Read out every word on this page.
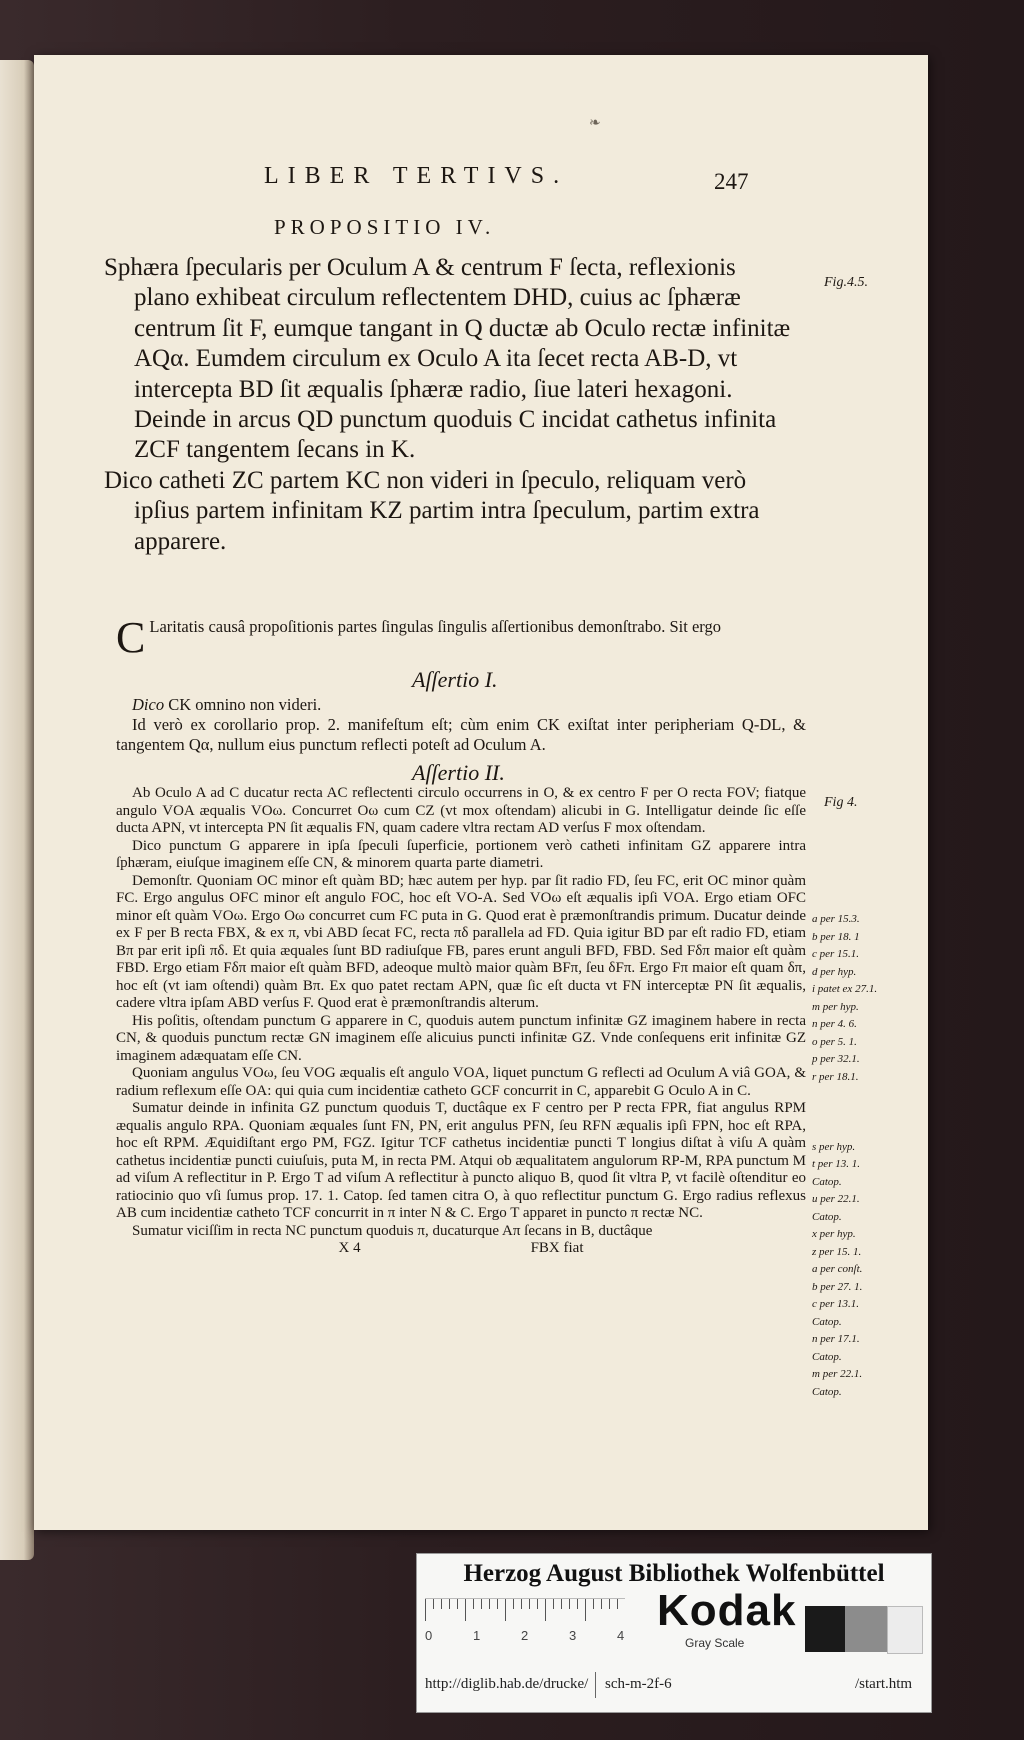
❧
LIBER TERTIVS.	247
PROPOSITIO IV.
Fig.4.5.

Sphæra ſpecularis per Oculum A & centrum F ſecta, reflexionis plano exhibeat circulum reflectentem DHD, cuius ac ſphæræ centrum ſit F, eumque tangant in Q ductæ ab Oculo rectæ infinitæ AQα. Eumdem circulum ex Oculo A ita ſecet recta AB-D, vt intercepta BD ſit æqualis ſphæræ radio, ſiue lateri hexagoni. Deinde in arcus QD punctum quoduis C incidat cathetus infinita ZCF tangentem ſecans in K.

Dico catheti ZC partem KC non videri in ſpeculo, reliquam verò ipſius partem infinitam KZ partim intra ſpeculum, partim extra apparere.

C Laritatis causâ propoſitionis partes ſingulas ſingulis aſſertionibus demonſtrabo. Sit ergo
Aſſertio I.

Dico CK omnino non videri.

Id verò ex corollario prop. 2. manifeſtum eſt; cùm enim CK exiſtat inter peripheriam Q-DL, & tangentem Qα, nullum eius punctum reflecti poteſt ad Oculum A.

Aſſertio II.
Fig 4.

Ab Oculo A ad C ducatur recta AC reflectenti circulo occurrens in O, & ex centro F per O recta FOV; fiatque angulo VOA æqualis VOω. Concurret Oω cum CZ (vt mox oſtendam) alicubi in G. Intelligatur deinde ſic eſſe ducta APN, vt intercepta PN ſit æqualis FN, quam cadere vltra rectam AD verſus F mox oſtendam.

Dico punctum G apparere in ipſa ſpeculi ſuperficie, portionem verò catheti infinitam GZ apparere intra ſphæram, eiuſque imaginem eſſe CN, & minorem quarta parte diametri.

Demonſtr. Quoniam OC minor eſt quàm BD; hæc autem per hyp. par ſit radio FD, ſeu FC, erit OC minor quàm FC. Ergo angulus OFC minor eſt angulo FOC, hoc eſt VO-A. Sed VOω eſt æqualis ipſi VOA. Ergo etiam OFC minor eſt quàm VOω. Ergo Oω concurret cum FC puta in G. Quod erat è præmonſtrandis primum. Ducatur deinde ex F per B recta FBX, & ex π, vbi ABD ſecat FC, recta πδ parallela ad FD. Quia igitur BD par eſt radio FD, etiam Bπ par erit ipſi πδ. Et quia æquales ſunt BD radiuſque FB, pares erunt anguli BFD, FBD. Sed Fδπ maior eſt quàm FBD. Ergo etiam Fδπ maior eſt quàm BFD, adeoque multò maior quàm BFπ, ſeu δFπ. Ergo Fπ maior eſt quam δπ, hoc eſt (vt iam oſtendi) quàm Bπ. Ex quo patet rectam APN, quæ ſic eſt ducta vt FN interceptæ PN ſit æqualis, cadere vltra ipſam ABD verſus F. Quod erat è præmonſtrandis alterum.

His poſitis, oſtendam punctum G apparere in C, quoduis autem punctum infinitæ GZ imaginem habere in recta CN, & quoduis punctum rectæ GN imaginem eſſe alicuius puncti infinitæ GZ. Vnde conſequens erit infinitæ GZ imaginem adæquatam eſſe CN.

Quoniam angulus VOω, ſeu VOG æqualis eſt angulo VOA, liquet punctum G reflecti ad Oculum A viâ GOA, & radium reflexum eſſe OA: qui quia cum incidentiæ catheto GCF concurrit in C, apparebit G Oculo A in C.

Sumatur deinde in infinita GZ punctum quoduis T, ductâque ex F centro per P recta FPR, fiat angulus RPM æqualis angulo RPA. Quoniam æquales ſunt FN, PN, erit angulus PFN, ſeu RFN æqualis ipſi FPN, hoc eſt RPA, hoc eſt RPM. Æquidiſtant ergo PM, FGZ. Igitur TCF cathetus incidentiæ puncti T longius diſtat à viſu A quàm cathetus incidentiæ puncti cuiuſuis, puta M, in recta PM. Atqui ob æqualitatem angulorum RP-M, RPA punctum M ad viſum A reflectitur in P. Ergo T ad viſum A reflectitur à puncto aliquo B, quod ſit vltra P, vt facilè oſtenditur eo ratiocinio quo vſi ſumus prop. 17. 1. Catop. ſed tamen citra O, à quo reflectitur punctum G. Ergo radius reflexus AB cum incidentiæ catheto TCF concurrit in π inter N & C. Ergo T apparet in puncto π rectæ NC.

Sumatur viciſſim in recta NC punctum quoduis π, ducaturque Aπ ſecans in B, ductâque

X 4	FBX fiat

a per 15.3.
b per 18. 1
c per 15.1.
d per hyp.
i patet ex 27.1.
m per hyp.
n per 4. 6.
o per 5. 1.
p per 32.1.
r per 18.1.
s per hyp.
t per 13. 1.
Catop.
u per 22.1.
Catop.
x per hyp.
z per 15. 1.
a per conſt.
b per 27. 1.
c per 13.1.
Catop.
n per 17.1.
Catop.
m per 22.1.
Catop.
Herzog August Bibliothek Wolfenbüttel
0	1	2	3	4
Kodak
Gray Scale
http://diglib.hab.de/drucke/ sch-m-2f-6	/start.htm
